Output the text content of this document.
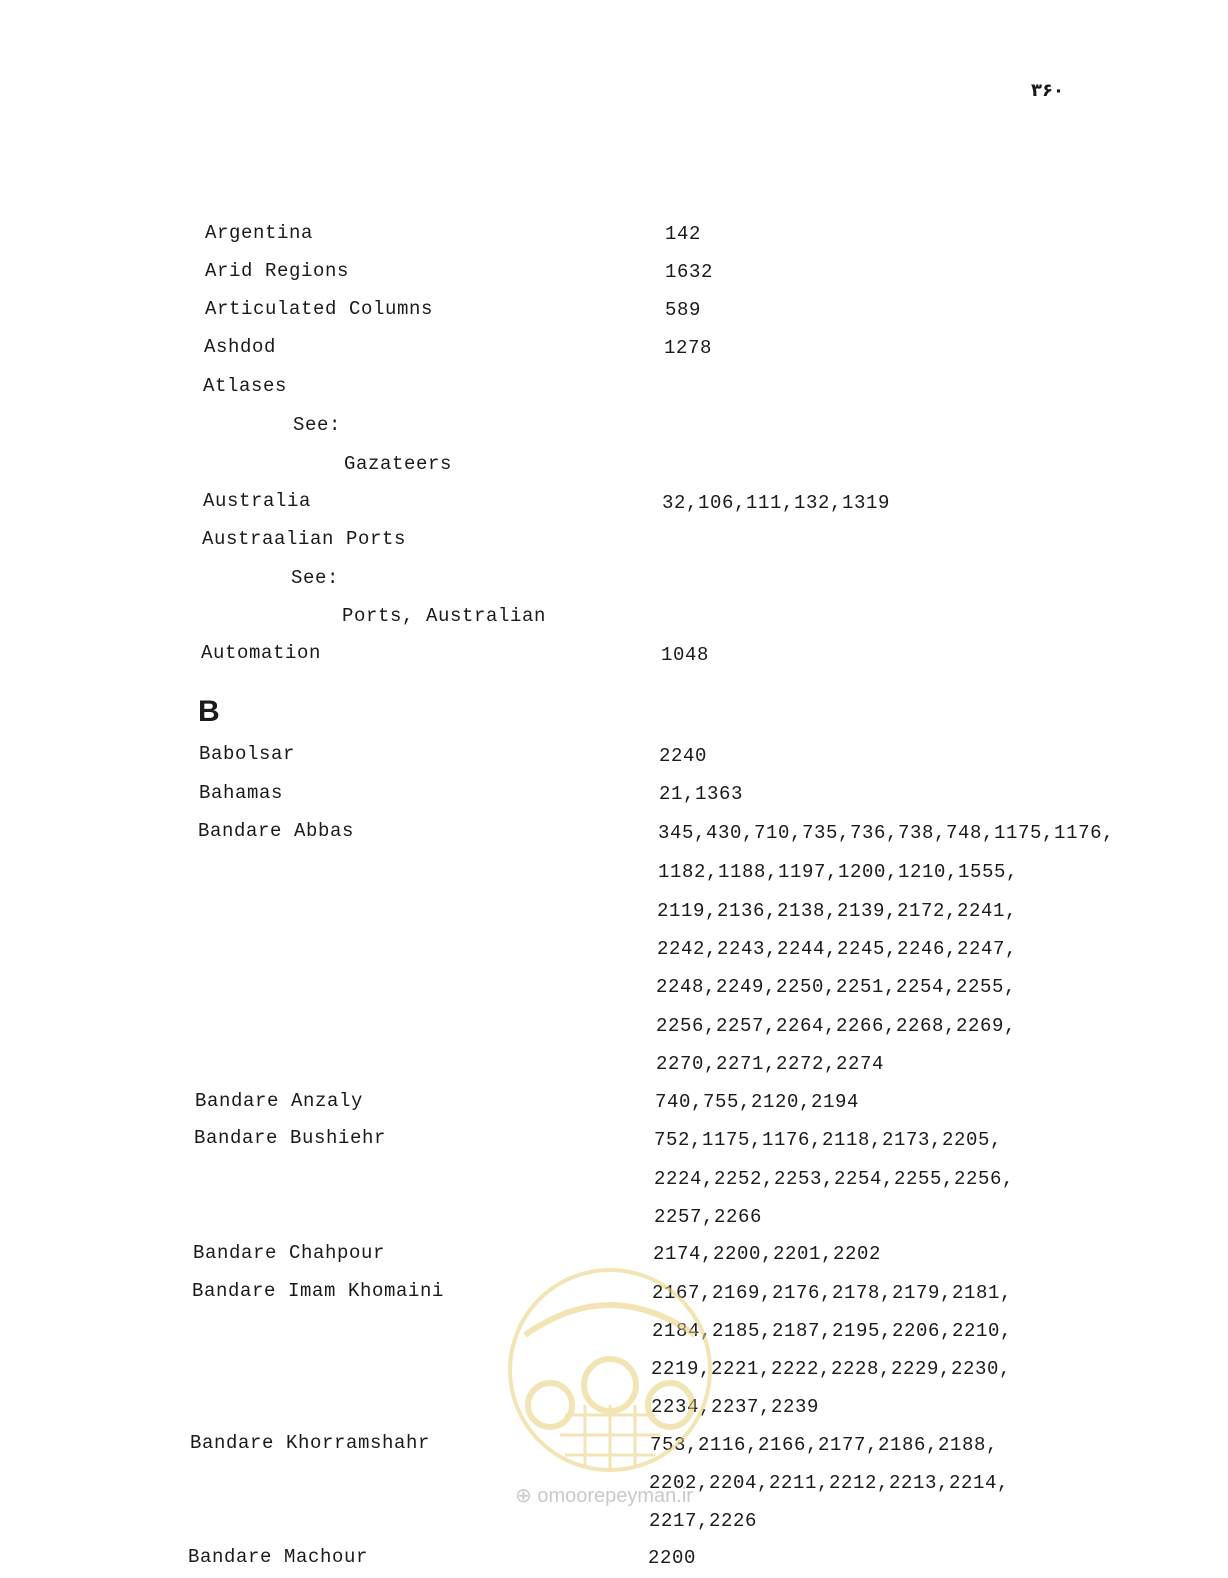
۳۶۰
Argentina	142
Arid Regions	1632
Articulated Columns	589
Ashdod	1278
Atlases
See:
Gazateers
Australia	32,106,111,132,1319
Austraalian Ports
See:
Ports, Australian
Automation	1048
B
Babolsar	2240
Bahamas	21,1363
Bandare Abbas	345,430,710,735,736,738,748,1175,1176,
1182,1188,1197,1200,1210,1555,
2119,2136,2138,2139,2172,2241,
2242,2243,2244,2245,2246,2247,
2248,2249,2250,2251,2254,2255,
2256,2257,2264,2266,2268,2269,
2270,2271,2272,2274
Bandare Anzaly	740,755,2120,2194
Bandare Bushiehr	752,1175,1176,2118,2173,2205,
2224,2252,2253,2254,2255,2256,
2257,2266
Bandare Chahpour	2174,2200,2201,2202
Bandare Imam Khomaini	2167,2169,2176,2178,2179,2181,
2184,2185,2187,2195,2206,2210,
2219,2221,2222,2228,2229,2230,
2234,2237,2239
Bandare Khorramshahr	753,2116,2166,2177,2186,2188,
2202,2204,2211,2212,2213,2214,
2217,2226
Bandare Machour	2200
⊕ omoorepeyman.ir
